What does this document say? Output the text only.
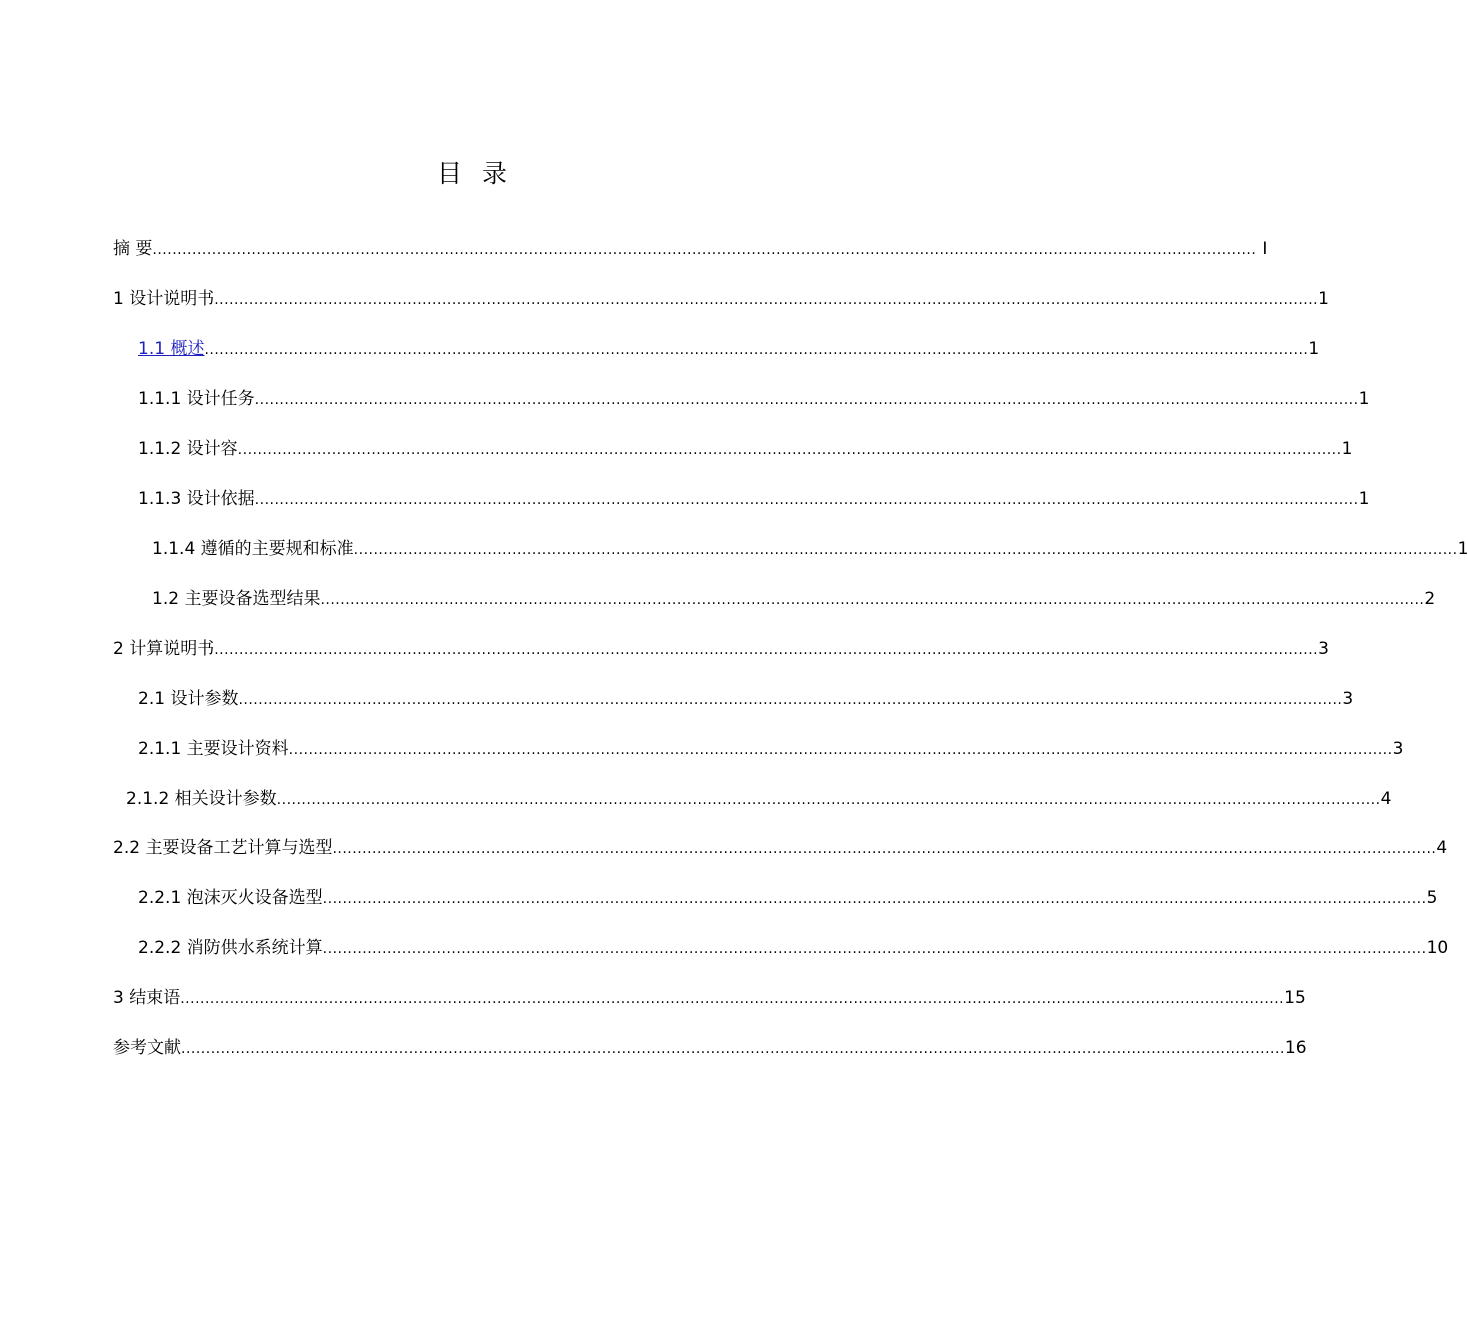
目 录
摘 要 ............................................................................................................................................................................................................................... I
1 设计说明书 ............................................................................................................................................................................................................................... 1
1.1 概述 ............................................................................................................................................................................................................................... 1
1.1.1 设计任务 ............................................................................................................................................................................................................................... 1
1.1.2 设计容 ............................................................................................................................................................................................................................... 1
1.1.3 设计依据 ............................................................................................................................................................................................................................... 1
1.1.4 遵循的主要规和标准 ............................................................................................................................................................................................................................... 1
1.2 主要设备选型结果 ............................................................................................................................................................................................................................... 2
2 计算说明书 ............................................................................................................................................................................................................................... 3
2.1 设计参数 ............................................................................................................................................................................................................................... 3
2.1.1 主要设计资料 ............................................................................................................................................................................................................................... 3
2.1.2 相关设计参数 ............................................................................................................................................................................................................................... 4
2.2 主要设备工艺计算与选型 ............................................................................................................................................................................................................................... 4
2.2.1 泡沫灭火设备选型 ............................................................................................................................................................................................................................... 5
2.2.2 消防供水系统计算 ............................................................................................................................................................................................................................... 10
3 结束语 ............................................................................................................................................................................................................................... 15
参考文献 ............................................................................................................................................................................................................................... 16
